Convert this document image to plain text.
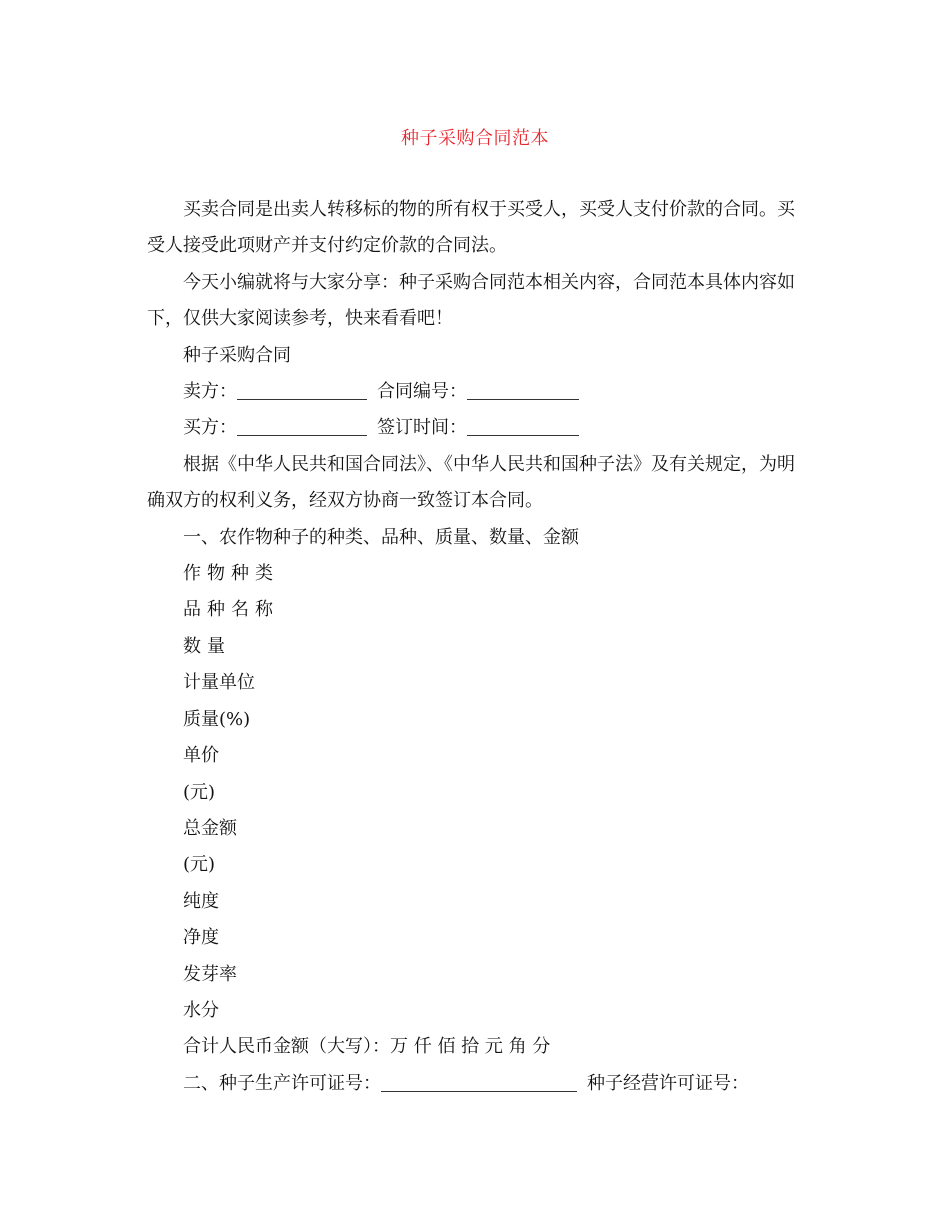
种子采购合同范本

买卖合同是出卖人转移标的物的所有权于买受人，买受人支付价款的合同。买受人接受此项财产并支付约定价款的合同法。

今天小编就将与大家分享：种子采购合同范本相关内容，合同范本具体内容如下，仅供大家阅读参考，快来看看吧！

种子采购合同

卖方：	合同编号：

买方：	签订时间：

根据《中华人民共和国合同法》、《中华人民共和国种子法》及有关规定，为明确双方的权利义务，经双方协商一致签订本合同。

一、农作物种子的种类、品种、质量、数量、金额

作物种类

品种名称

数量

计量单位

质量(%)

单价

(元)

总金额

(元)

纯度

净度

发芽率

水分

合计人民币金额（大写）：万 仟 佰 拾 元 角 分

二、种子生产许可证号：	种子经营许可证号：
